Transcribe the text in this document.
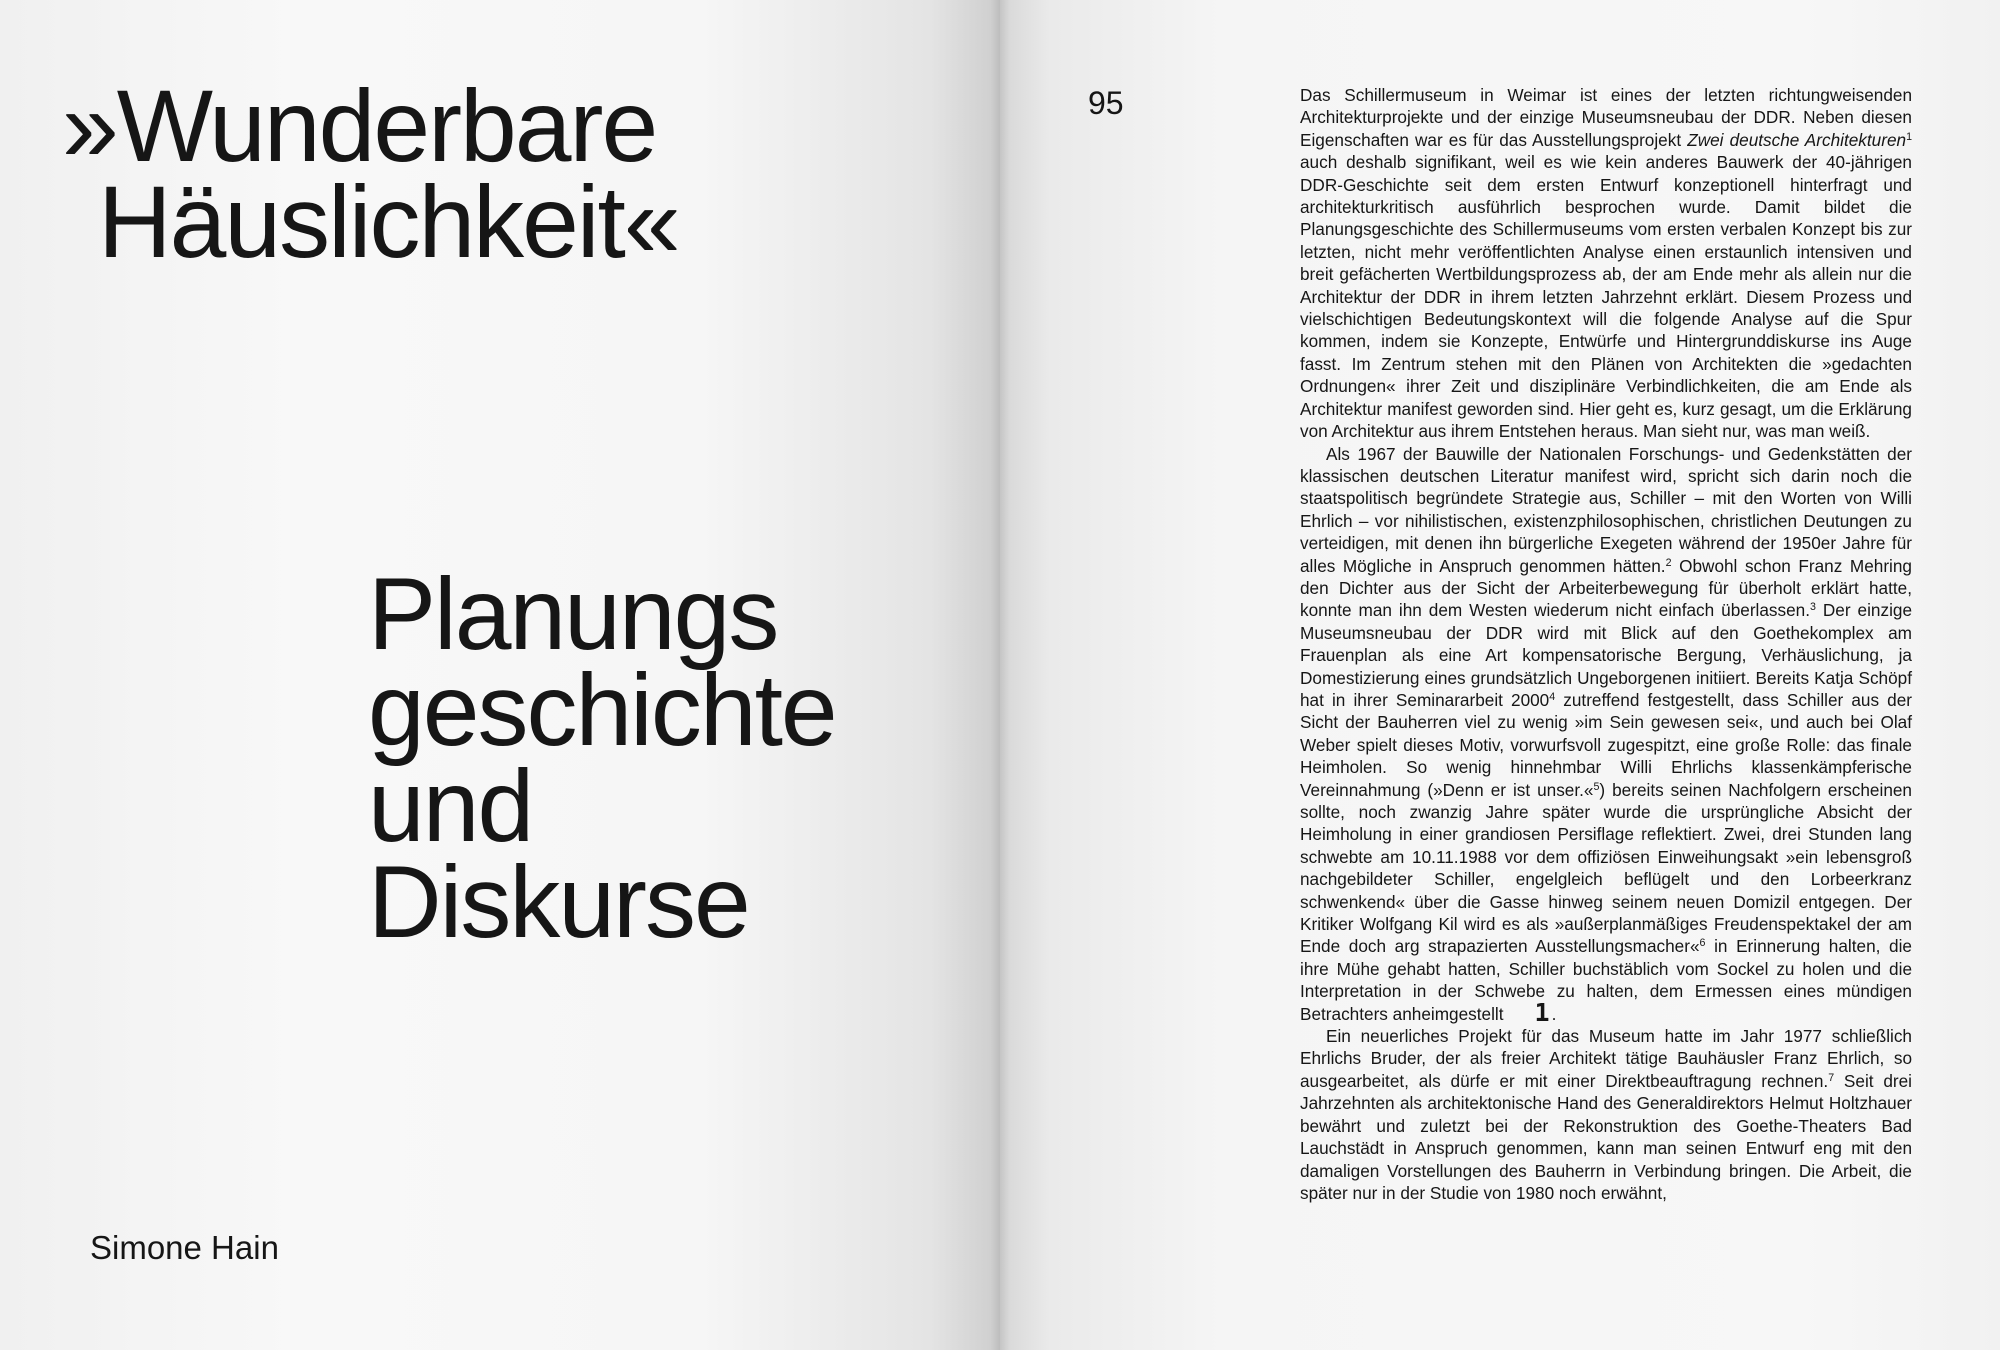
»Wunderbare
Häuslichkeit«
Planungs
geschichte
und
Diskurse
Simone Hain
95	Das Schillermuseum in Weimar ist eines der letzten richtungweisenden Architekturprojekte und der einzige Museumsneubau der DDR. Neben diesen Eigenschaften war es für das Ausstellungsprojekt Zwei deutsche Architekturen$^1$ auch deshalb signifikant, weil es wie kein anderes Bauwerk der 40-jährigen DDR-Geschichte seit dem ersten Entwurf konzeptionell hinterfragt und architekturkritisch ausführlich besprochen wurde. Damit bildet die Planungsgeschichte des Schillermuseums vom ersten verbalen Konzept bis zur letzten, nicht mehr veröffentlichten Analyse einen erstaunlich intensiven und breit gefächerten Wertbildungsprozess ab, der am Ende mehr als allein nur die Architektur der DDR in ihrem letzten Jahrzehnt erklärt. Diesem Prozess und vielschichtigen Bedeutungskontext will die folgende Analyse auf die Spur kommen, indem sie Konzepte, Entwürfe und Hintergrunddiskurse ins Auge fasst. Im Zentrum stehen mit den Plänen von Architekten die »gedachten Ordnungen« ihrer Zeit und disziplinäre Verbindlichkeiten, die am Ende als Architektur manifest geworden sind. Hier geht es, kurz gesagt, um die Erklärung von Architektur aus ihrem Entstehen heraus. Man sieht nur, was man weiß.

Als 1967 der Bauwille der Nationalen Forschungs- und Gedenkstätten der klassischen deutschen Literatur manifest wird, spricht sich darin noch die staatspolitisch begründete Strategie aus, Schiller – mit den Worten von Willi Ehrlich – vor nihilistischen, existenzphilosophischen, christlichen Deutungen zu verteidigen, mit denen ihn bürgerliche Exegeten während der 1950er Jahre für alles Mögliche in Anspruch genommen hätten.$^2$ Obwohl schon Franz Mehring den Dichter aus der Sicht der Arbeiterbewegung für überholt erklärt hatte, konnte man ihn dem Westen wiederum nicht einfach überlassen.$^3$ Der einzige Museumsneubau der DDR wird mit Blick auf den Goethekomplex am Frauenplan als eine Art kompensatorische Bergung, Verhäuslichung, ja Domestizierung eines grundsätzlich Ungeborgenen initiiert. Bereits Katja Schöpf hat in ihrer Seminararbeit 2000$^4$ zutreffend festgestellt, dass Schiller aus der Sicht der Bauherren viel zu wenig »im Sein gewesen sei«, und auch bei Olaf Weber spielt dieses Motiv, vorwurfsvoll zugespitzt, eine große Rolle: das finale Heimholen. So wenig hinnehmbar Willi Ehrlichs klassenkämpferische Vereinnahmung (»Denn er ist unser.«$^5$) bereits seinen Nachfolgern erscheinen sollte, noch zwanzig Jahre später wurde die ursprüngliche Absicht der Heimholung in einer grandiosen Persiflage reflektiert. Zwei, drei Stunden lang schwebte am 10.11.1988 vor dem offiziösen Einweihungsakt »ein lebensgroß nachgebildeter Schiller, engelgleich beflügelt und den Lorbeerkranz schwenkend« über die Gasse hinweg seinem neuen Domizil entgegen. Der Kritiker Wolfgang Kil wird es als »außerplanmäßiges Freudenspektakel der am Ende doch arg strapazierten Ausstellungsmacher«$^6$ in Erinnerung halten, die ihre Mühe gehabt hatten, Schiller buchstäblich vom Sockel zu holen und die Interpretation in der Schwebe zu halten, dem Ermessen eines mündigen Betrachters anheimgestellt 1 .

Ein neuerliches Projekt für das Museum hatte im Jahr 1977 schließlich Ehrlichs Bruder, der als freier Architekt tätige Bauhäusler Franz Ehrlich, so ausgearbeitet, als dürfe er mit einer Direktbeauftragung rechnen.$^7$ Seit drei Jahrzehnten als architektonische Hand des Generaldirektors Helmut Holtzhauer bewährt und zuletzt bei der Rekonstruktion des Goethe-Theaters Bad Lauchstädt in Anspruch genommen, kann man seinen Entwurf eng mit den damaligen Vorstellungen des Bauherrn in Verbindung bringen. Die Arbeit, die später nur in der Studie von 1980 noch erwähnt,
